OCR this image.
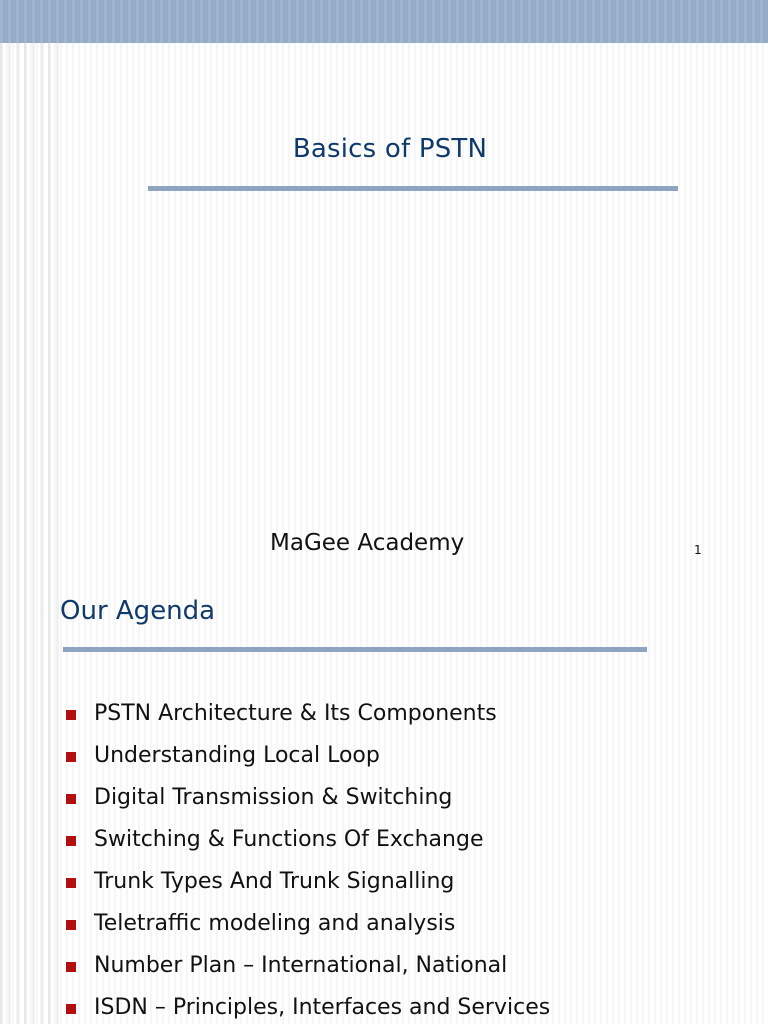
Basics of PSTN
MaGee Academy	1
Our Agenda
PSTN Architecture & Its Components
Understanding Local Loop
Digital Transmission & Switching
Switching & Functions Of Exchange
Trunk Types And Trunk Signalling
Teletraffic modeling and analysis
Number Plan – International, National
ISDN – Principles, Interfaces and Services
